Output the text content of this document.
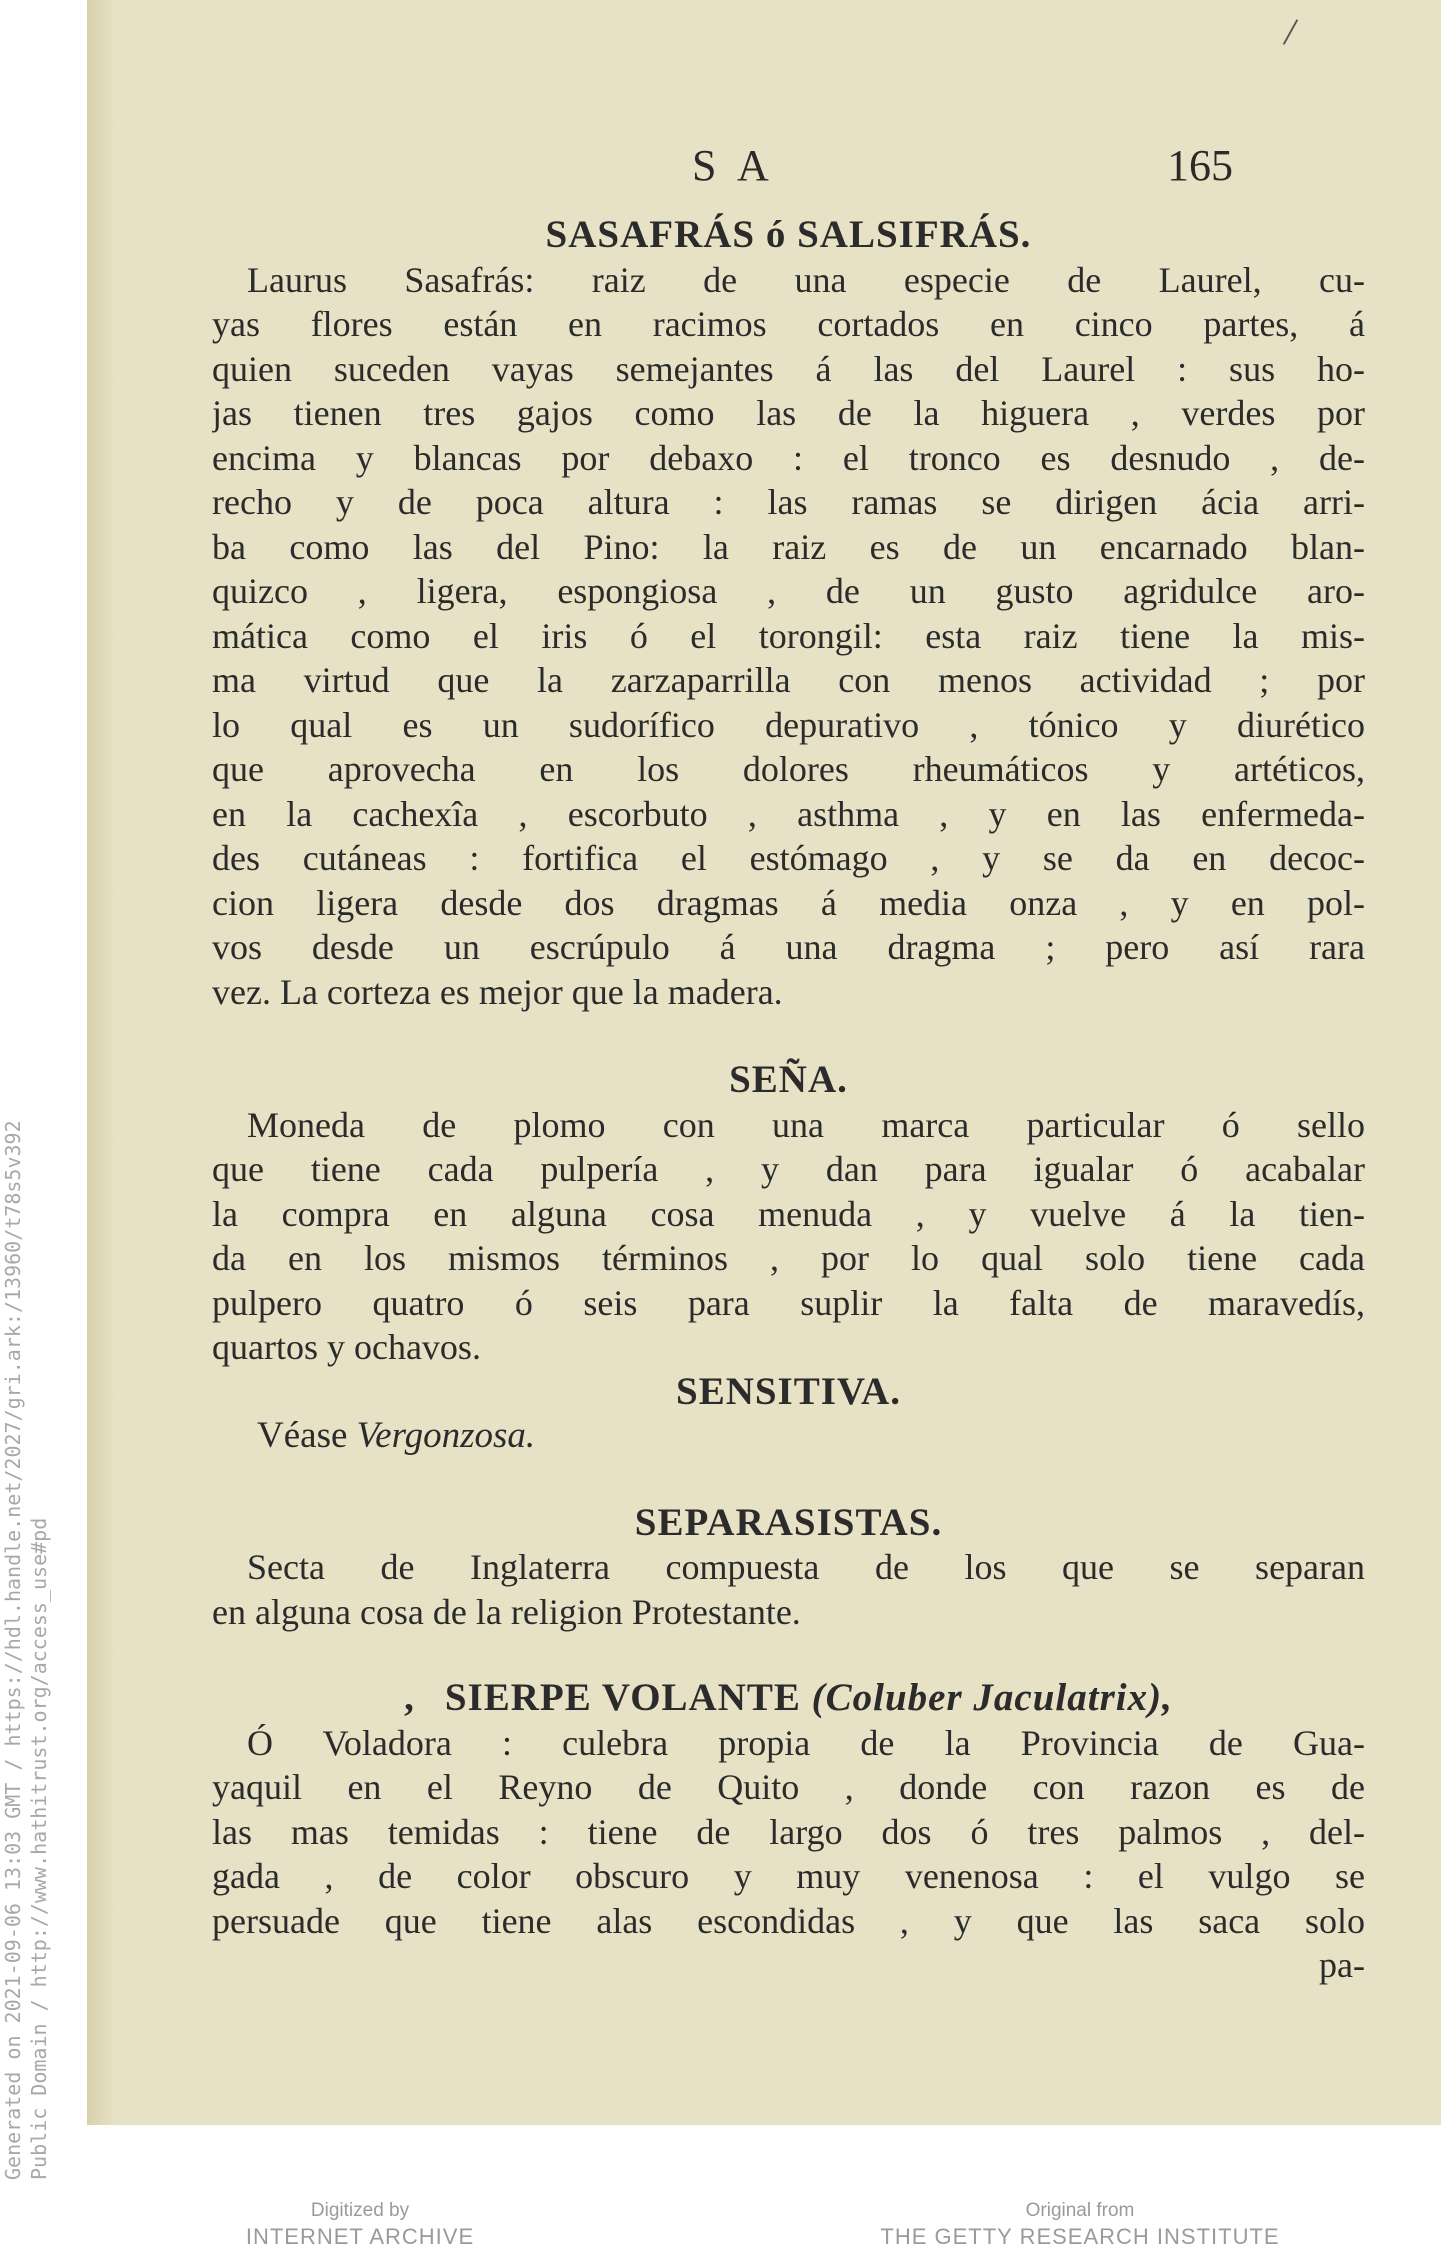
/
S A	165
SASAFRÁS ó SALSIFRÁS.
Laurus Sasafrás: raiz de una especie de Laurel, cu-
yas flores están en racimos cortados en cinco partes, á
quien suceden vayas semejantes á las del Laurel : sus ho-
jas tienen tres gajos como las de la higuera , verdes por
encima y blancas por debaxo : el tronco es desnudo , de-
recho y de poca altura : las ramas se dirigen ácia arri-
ba como las del Pino: la raiz es de un encarnado blan-
quizco , ligera, espongiosa , de un gusto agridulce aro-
mática como el iris ó el torongil: esta raiz tiene la mis-
ma virtud que la zarzaparrilla con menos actividad ; por
lo qual es un sudorífico depurativo , tónico y diurético
que aprovecha en los dolores rheumáticos y artéticos,
en la cachexîa , escorbuto , asthma , y en las enfermeda-
des cutáneas : fortifica el estómago , y se da en decoc-
cion ligera desde dos dragmas á media onza , y en pol-
vos desde un escrúpulo á una dragma ; pero así rara
vez. La corteza es mejor que la madera.
SEÑA.
Moneda de plomo con una marca particular ó sello
que tiene cada pulpería , y dan para igualar ó acabalar
la compra en alguna cosa menuda , y vuelve á la tien-
da en los mismos términos , por lo qual solo tiene cada
pulpero quatro ó seis para suplir la falta de maravedís,
quartos y ochavos.
SENSITIVA.
Véase Vergonzosa.
SEPARASISTAS.
Secta de Inglaterra compuesta de los que se separan
en alguna cosa de la religion Protestante.
, SIERPE VOLANTE (Coluber Jaculatrix),
Ó Voladora : culebra propia de la Provincia de Gua-
yaquil en el Reyno de Quito , donde con razon es de
las mas temidas : tiene de largo dos ó tres palmos , del-
gada , de color obscuro y muy venenosa : el vulgo se
persuade que tiene alas escondidas , y que las saca solo
pa-
Generated on 2021-09-06 13:03 GMT / https://hdl.handle.net/2027/gri.ark:/13960/t78s5v392 Public Domain / http://www.hathitrust.org/access_use#pd
Digitized by
INTERNET ARCHIVE
Original from
THE GETTY RESEARCH INSTITUTE
